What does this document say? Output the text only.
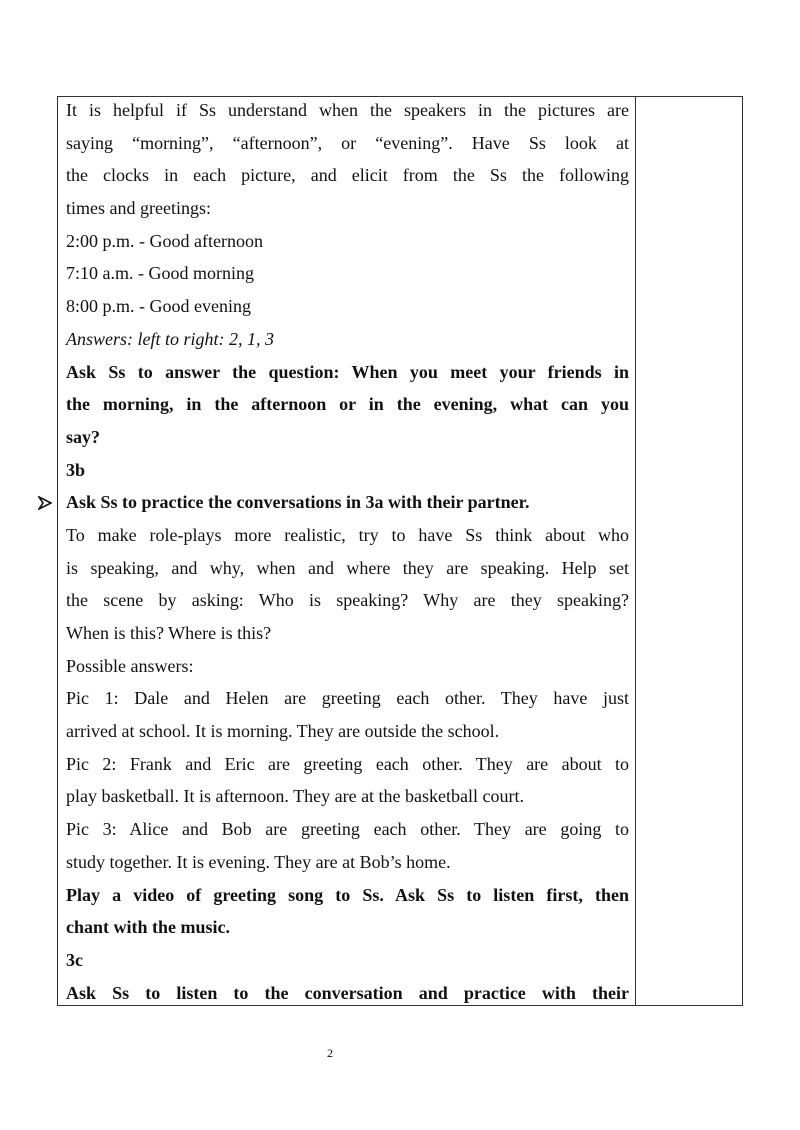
It is helpful if Ss understand when the speakers in the pictures are
saying “morning”, “afternoon”, or “evening”. Have Ss look at
the clocks in each picture, and elicit from the Ss the following
times and greetings:
2:00 p.m. - Good afternoon
7:10 a.m. - Good morning
8:00 p.m. - Good evening
Answers: left to right: 2, 1, 3
Ask Ss to answer the question: When you meet your friends in
the morning, in the afternoon or in the evening, what can you
say?
3b
Ask Ss to practice the conversations in 3a with their partner.
To make role-plays more realistic, try to have Ss think about who
is speaking, and why, when and where they are speaking. Help set
the scene by asking: Who is speaking? Why are they speaking?
When is this? Where is this?
Possible answers:
Pic 1: Dale and Helen are greeting each other. They have just
arrived at school. It is morning. They are outside the school.
Pic 2: Frank and Eric are greeting each other. They are about to
play basketball. It is afternoon. They are at the basketball court.
Pic 3: Alice and Bob are greeting each other. They are going to
study together. It is evening. They are at Bob’s home.
Play a video of greeting song to Ss. Ask Ss to listen first, then
chant with the music.
3c
Ask Ss to listen to the conversation and practice with their
2
